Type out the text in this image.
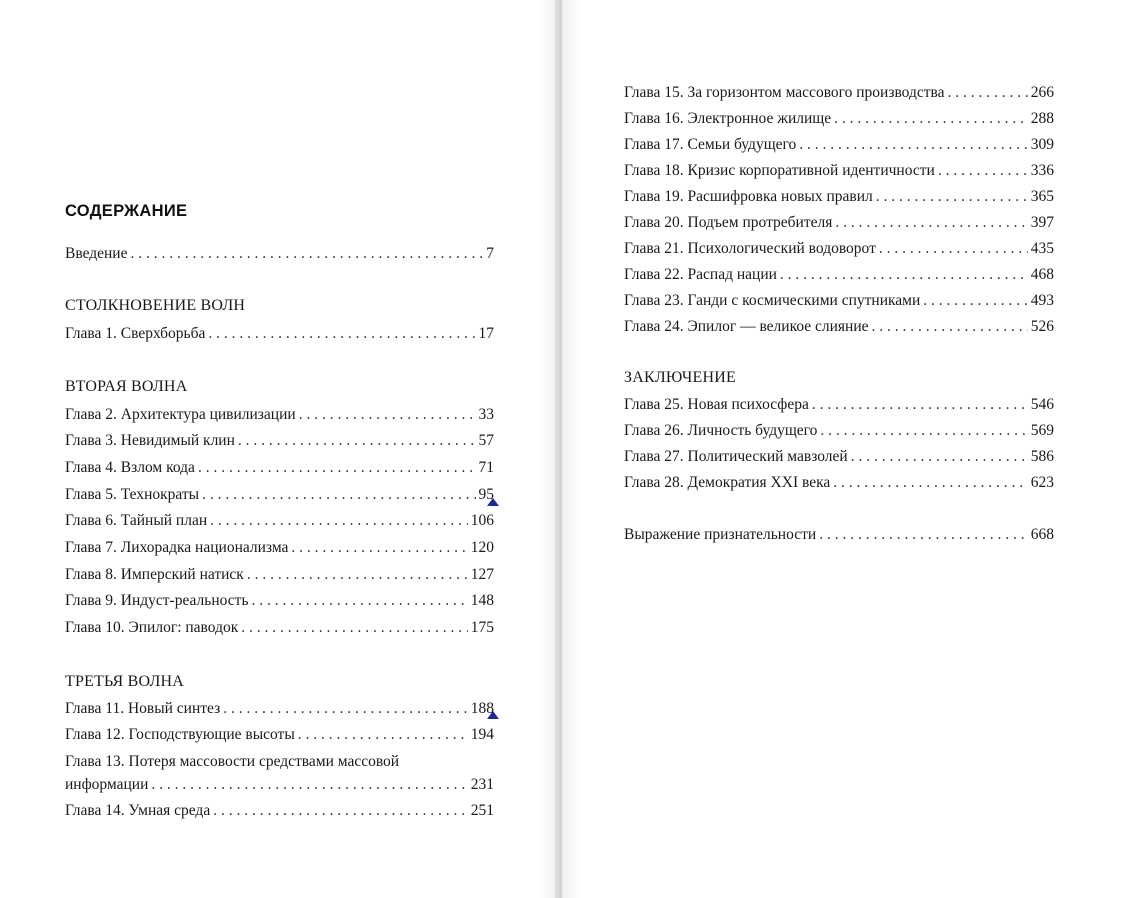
СОДЕРЖАНИЕ
Введение . . .	7
СТОЛКНОВЕНИЕ ВОЛН
Глава 1. Сверхборьба . . .	17
ВТОРАЯ ВОЛНА
Глава 2. Архитектура цивилизации . . .	33
Глава 3. Невидимый клин . . .	57
Глава 4. Взлом кода . . .	71
Глава 5. Технократы . . .	95
Глава 6. Тайный план . . .	106
Глава 7. Лихорадка национализма . . .	120
Глава 8. Имперский натиск . . .	127
Глава 9. Индуст-реальность . . .	148
Глава 10. Эпилог: паводок . . .	175
ТРЕТЬЯ ВОЛНА
Глава 11. Новый синтез . . .	188
Глава 12. Господствующие высоты . . .	194
Глава 13. Потеря массовости средствами массовой
информации . . .	231
Глава 14. Умная среда . . .	251
Глава 15. За горизонтом массового производства . . .	266
Глава 16. Электронное жилище . . .	288
Глава 17. Семьи будущего . . .	309
Глава 18. Кризис корпоративной идентичности . . .	336
Глава 19. Расшифровка новых правил . . .	365
Глава 20. Подъем протребителя . . .	397
Глава 21. Психологический водоворот . . .	435
Глава 22. Распад нации . . .	468
Глава 23. Ганди с космическими спутниками . . .	493
Глава 24. Эпилог — великое слияние . . .	526
ЗАКЛЮЧЕНИЕ
Глава 25. Новая психосфера . . .	546
Глава 26. Личность будущего . . .	569
Глава 27. Политический мавзолей . . .	586
Глава 28. Демократия XXI века . . .	623
Выражение признательности . . .	668
